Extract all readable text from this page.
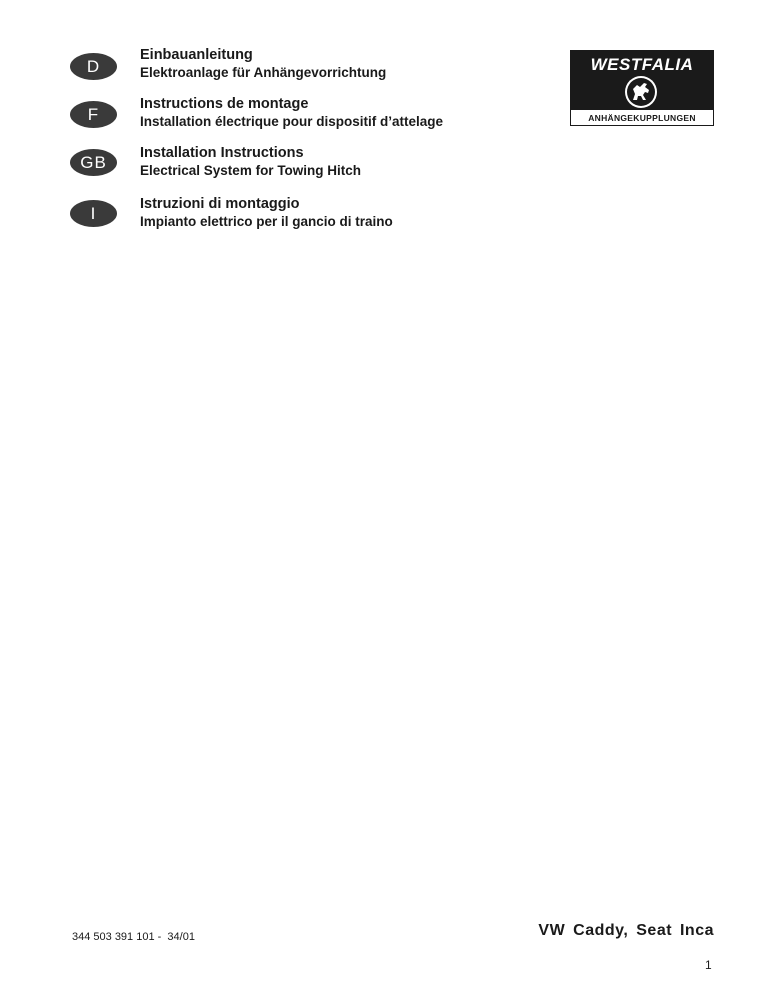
D
Einbauanleitung
Elektroanlage für Anhängevorrichtung
F
Instructions de montage
Installation électrique pour dispositif d’attelage
GB	Installation Instructions
Electrical System for Towing Hitch
I	Istruzioni di montaggio
Impianto elettrico per il gancio di traino
WESTFALIA
ANHÄNGEKUPPLUNGEN
344 503 391 101 -  34/01	VW Caddy, Seat Inca
1
